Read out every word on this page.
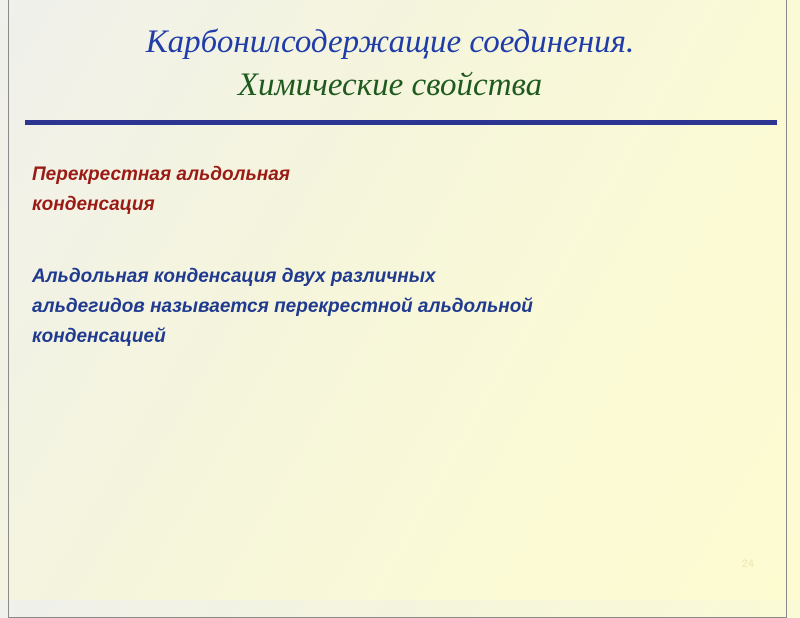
Карбонилсодержащие соединения.
Химические свойства
Перекрестная альдольная
конденсация
Альдольная конденсация двух различных
альдегидов называется перекрестной альдольной
конденсацией
24
